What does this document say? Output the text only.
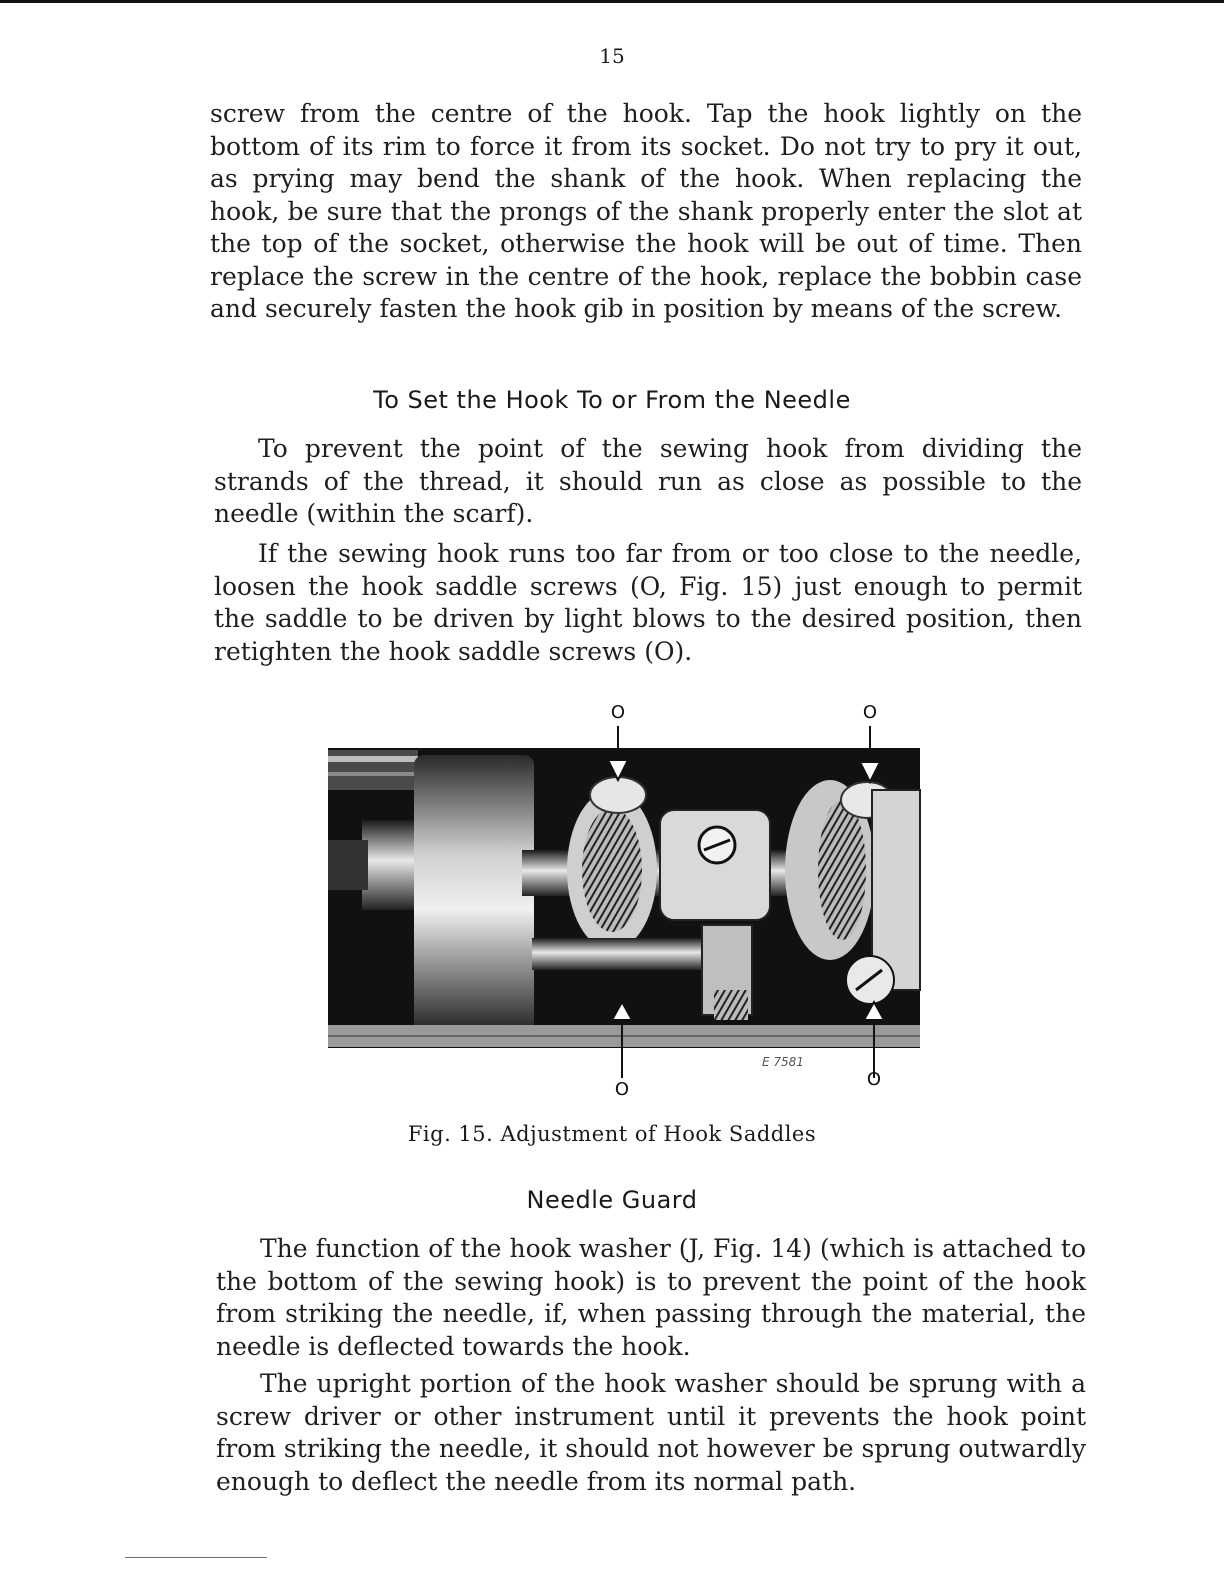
15

screw from the centre of the hook. Tap the hook lightly on the bottom of its rim to force it from its socket. Do not try to pry it out, as prying may bend the shank of the hook. When replacing the hook, be sure that the prongs of the shank properly enter the slot at the top of the socket, otherwise the hook will be out of time. Then replace the screw in the centre of the hook, replace the bobbin case and securely fasten the hook gib in position by means of the screw.

To Set the Hook To or From the Needle

To prevent the point of the sewing hook from dividing the strands of the thread, it should run as close as possible to the needle (within the scarf).

If the sewing hook runs too far from or too close to the needle, loosen the hook saddle screws (O, Fig. 15) just enough to permit the saddle to be driven by light blows to the desired position, then retighten the hook saddle screws (O).

O	O
O	O
E 7581
Fig. 15. Adjustment of Hook Saddles
Needle Guard

The function of the hook washer (J, Fig. 14) (which is attached to the bottom of the sewing hook) is to prevent the point of the hook from striking the needle, if, when passing through the material, the needle is deflected towards the hook.

The upright portion of the hook washer should be sprung with a screw driver or other instrument until it prevents the hook point from striking the needle, it should not however be sprung outwardly enough to deflect the needle from its normal path.
